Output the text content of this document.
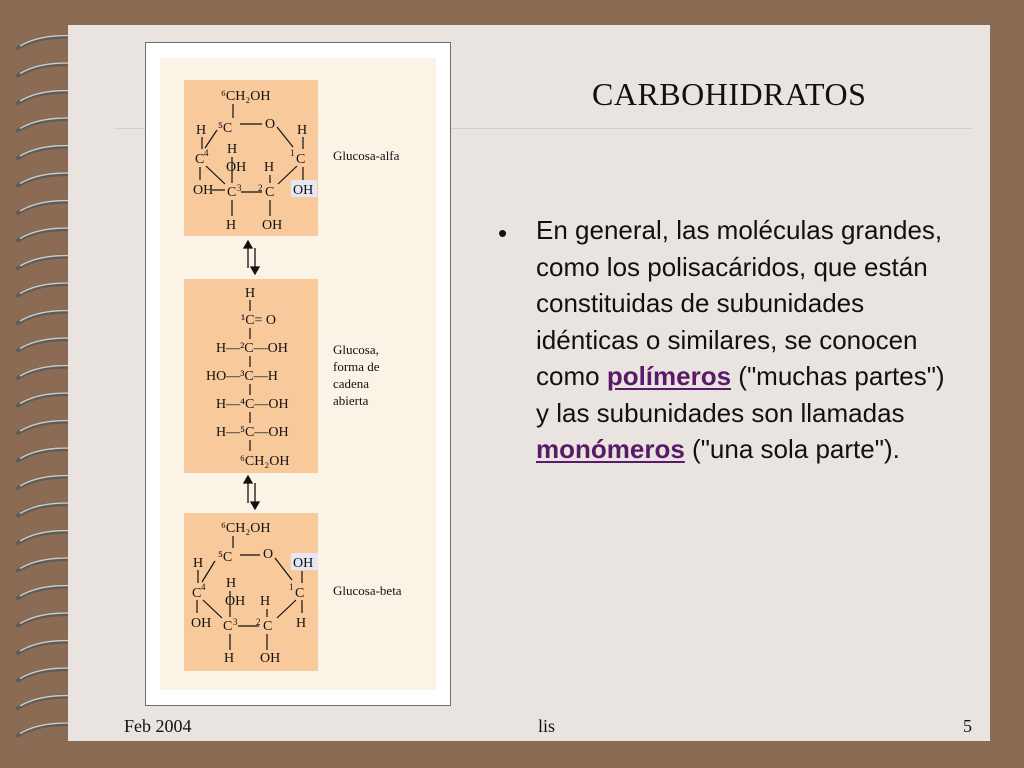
CARBOHIDRATOS
⁶CH₂OH
⁵C O
H	H
C 4 H
OH H
C
1
OH C 3 C
2 OH
H OH
Glucosa-alfa
H
¹C= O
H—²C—OH
HO—³C—H
H—⁴C—OH
H—⁵C—OH
⁶CH₂OH
Glucosa,
forma de
cadena
abierta
⁶CH₂OH
⁵C O
H	OH
C 4 H
OH H
C
1
OH C 3 C
2	H
H OH
Glucosa-beta
• En general, las moléculas grandes, como los polisacáridos, que están constituidas de subunidades idénticas o similares, se conocen como polímeros ("muchas partes") y las subunidades son llamadas monómeros ("una sola parte").
Feb 2004	lis	5
